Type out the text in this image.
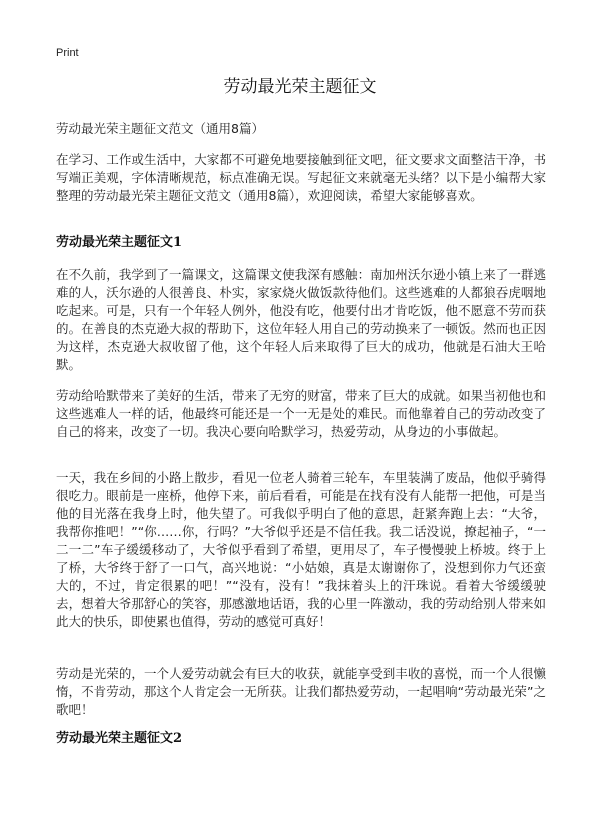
Print
劳动最光荣主题征文
劳动最光荣主题征文范文（通用8篇）

在学习、工作或生活中，大家都不可避免地要接触到征文吧，征文要求文面整洁干净，书写端正美观，字体清晰规范，标点准确无误。写起征文来就毫无头绪？以下是小编帮大家整理的劳动最光荣主题征文范文（通用8篇），欢迎阅读，希望大家能够喜欢。

劳动最光荣主题征文1

在不久前，我学到了一篇课文，这篇课文使我深有感触：南加州沃尔逊小镇上来了一群逃难的人，沃尔逊的人很善良、朴实，家家烧火做饭款待他们。这些逃难的人都狼吞虎咽地吃起来。可是，只有一个年轻人例外，他没有吃，他要付出才肯吃饭，他不愿意不劳而获的。在善良的杰克逊大叔的帮助下，这位年轻人用自己的劳动换来了一顿饭。然而也正因为这样，杰克逊大叔收留了他，这个年轻人后来取得了巨大的成功，他就是石油大王哈默。

劳动给哈默带来了美好的生活，带来了无穷的财富，带来了巨大的成就。如果当初他也和这些逃难人一样的话，他最终可能还是一个一无是处的难民。而他靠着自己的劳动改变了自己的将来，改变了一切。我决心要向哈默学习，热爱劳动，从身边的小事做起。

一天，我在乡间的小路上散步，看见一位老人骑着三轮车，车里装满了废品，他似乎骑得很吃力。眼前是一座桥，他停下来，前后看看，可能是在找有没有人能帮一把他，可是当他的目光落在我身上时，他失望了。可我似乎明白了他的意思，赶紧奔跑上去：“大爷，我帮你推吧！”“你……你，行吗？”大爷似乎还是不信任我。我二话没说，撩起袖子，“一二一二”车子缓缓移动了，大爷似乎看到了希望，更用尽了，车子慢慢驶上桥坡。终于上了桥，大爷终于舒了一口气，高兴地说：“小姑娘，真是太谢谢你了，没想到你力气还蛮大的，不过，肯定很累的吧！”“没有，没有！”我抹着头上的汗珠说。看着大爷缓缓驶去，想着大爷那舒心的笑容，那感激地话语，我的心里一阵激动，我的劳动给别人带来如此大的快乐，即使累也值得，劳动的感觉可真好！

劳动是光荣的，一个人爱劳动就会有巨大的收获，就能享受到丰收的喜悦，而一个人很懒惰，不肯劳动，那这个人肯定会一无所获。让我们都热爱劳动，一起唱响“劳动最光荣”之歌吧！

劳动最光荣主题征文2
